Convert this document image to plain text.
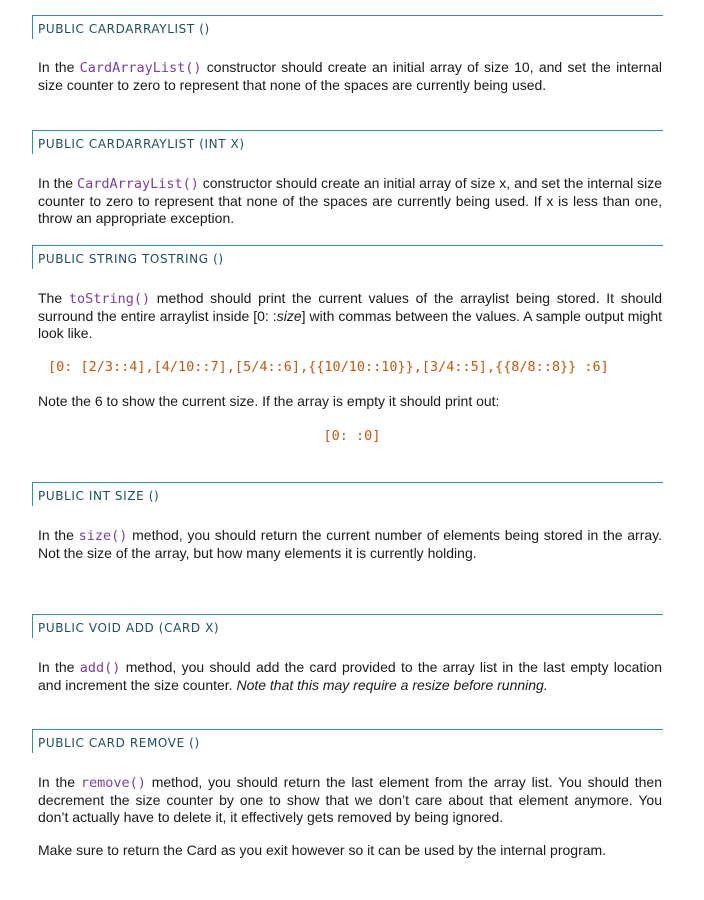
PUBLIC CARDARRAYLIST ()

In the CardArrayList() constructor should create an initial array of size 10, and set the internal size counter to zero to represent that none of the spaces are currently being used.

PUBLIC CARDARRAYLIST (INT X)

In the CardArrayList() constructor should create an initial array of size x, and set the internal size counter to zero to represent that none of the spaces are currently being used. If x is less than one, throw an appropriate exception.

PUBLIC STRING TOSTRING ()

The toString() method should print the current values of the arraylist being stored. It should surround the entire arraylist inside [0: :size] with commas between the values. A sample output might look like.

[0: [2/3::4],[4/10::7],[5/4::6],{{10/10::10}},[3/4::5],{{8/8::8}} :6]

Note the 6 to show the current size. If the array is empty it should print out:

[0: :0]
PUBLIC INT SIZE ()

In the size() method, you should return the current number of elements being stored in the array. Not the size of the array, but how many elements it is currently holding.

PUBLIC VOID ADD (CARD X)

In the add() method, you should add the card provided to the array list in the last empty location and increment the size counter. Note that this may require a resize before running.

PUBLIC CARD REMOVE ()

In the remove() method, you should return the last element from the array list. You should then decrement the size counter by one to show that we don’t care about that element anymore. You don’t actually have to delete it, it effectively gets removed by being ignored.

Make sure to return the Card as you exit however so it can be used by the internal program.
